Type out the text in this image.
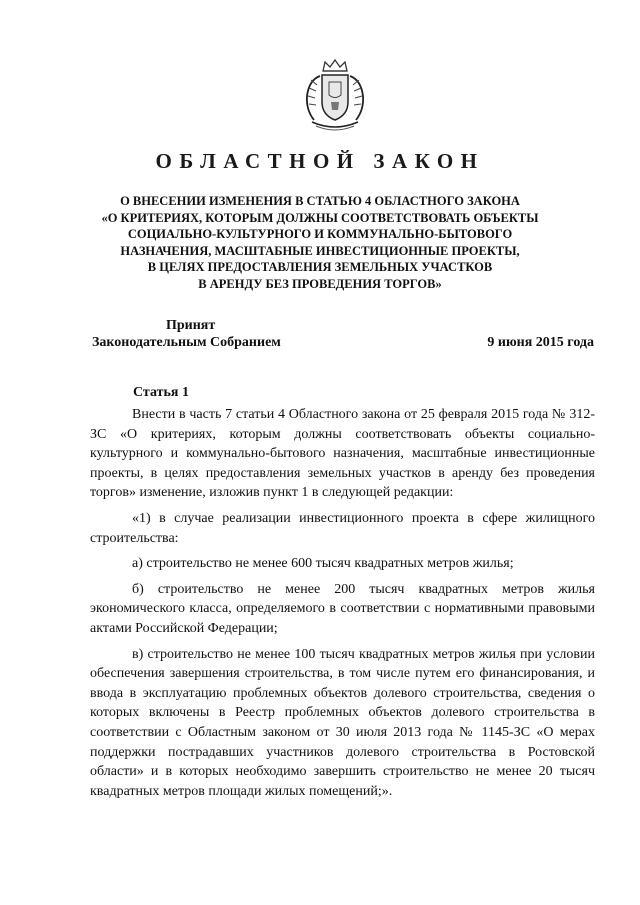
ОБЛАСТНОЙ ЗАКОН
О ВНЕСЕНИИ ИЗМЕНЕНИЯ В СТАТЬЮ 4 ОБЛАСТНОГО ЗАКОНА
«О КРИТЕРИЯХ, КОТОРЫМ ДОЛЖНЫ СООТВЕТСТВОВАТЬ ОБЪЕКТЫ
СОЦИАЛЬНО-КУЛЬТУРНОГО И КОММУНАЛЬНО-БЫТОВОГО
НАЗНАЧЕНИЯ, МАСШТАБНЫЕ ИНВЕСТИЦИОННЫЕ ПРОЕКТЫ,
В ЦЕЛЯХ ПРЕДОСТАВЛЕНИЯ ЗЕМЕЛЬНЫХ УЧАСТКОВ
В АРЕНДУ БЕЗ ПРОВЕДЕНИЯ ТОРГОВ»
Принят
Законодательным Собранием	9 июня 2015 года
Статья 1

Внести в часть 7 статьи 4 Областного закона от 25 февраля 2015 года № 312-ЗС «О критериях, которым должны соответствовать объекты социально-культурного и коммунально-бытового назначения, масштабные инвестиционные проекты, в целях предоставления земельных участков в аренду без проведения торгов» изменение, изложив пункт 1 в следующей редакции:

«1) в случае реализации инвестиционного проекта в сфере жилищного строительства:

а) строительство не менее 600 тысяч квадратных метров жилья;

б) строительство не менее 200 тысяч квадратных метров жилья экономического класса, определяемого в соответствии с нормативными правовыми актами Российской Федерации;

в) строительство не менее 100 тысяч квадратных метров жилья при условии обеспечения завершения строительства, в том числе путем его финансирования, и ввода в эксплуатацию проблемных объектов долевого строительства, сведения о которых включены в Реестр проблемных объектов долевого строительства в соответствии с Областным законом от 30 июля 2013 года № 1145-ЗС «О мерах поддержки пострадавших участников долевого строительства в Ростовской области» и в которых необходимо завершить строительство не менее 20 тысяч квадратных метров площади жилых помещений;».
